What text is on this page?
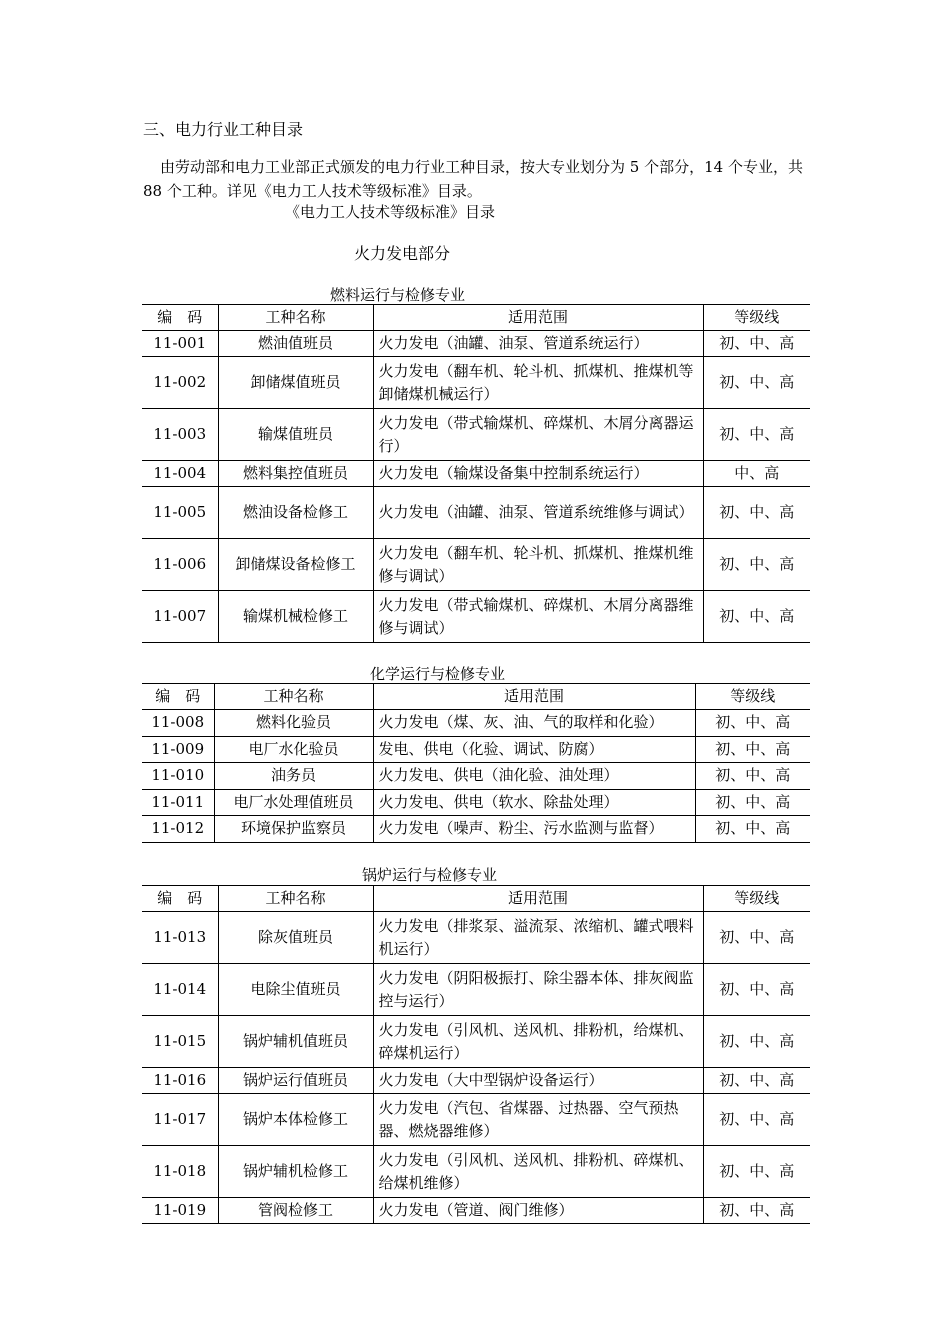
三、电力行业工种目录
由劳动部和电力工业部正式颁发的电力行业工种目录，按大专业划分为 5 个部分，14 个专业，共 88 个工种。详见《电力工人技术等级标准》目录。
《电力工人技术等级标准》目录
火力发电部分
燃料运行与检修专业
编　码	工种名称	适用范围	等级线
11-001	燃油值班员	火力发电（油罐、油泵、管道系统运行）	初、中、高
11-002	卸储煤值班员	火力发电（翻车机、轮斗机、抓煤机、推煤机等卸储煤机械运行）	初、中、高
11-003	输煤值班员	火力发电（带式输煤机、碎煤机、木屑分离器运行）	初、中、高
11-004	燃料集控值班员	火力发电（输煤设备集中控制系统运行）	中、高
11-005	燃油设备检修工	火力发电（油罐、油泵、管道系统维修与调试）	初、中、高
11-006	卸储煤设备检修工	火力发电（翻车机、轮斗机、抓煤机、推煤机维修与调试）	初、中、高
11-007	输煤机械检修工	火力发电（带式输煤机、碎煤机、木屑分离器维修与调试）	初、中、高
化学运行与检修专业
编　码	工种名称	适用范围	等级线
11-008	燃料化验员	火力发电（煤、灰、油、气的取样和化验）	初、中、高
11-009	电厂水化验员	发电、供电（化验、调试、防腐）	初、中、高
11-010	油务员	火力发电、供电（油化验、油处理）	初、中、高
11-011	电厂水处理值班员	火力发电、供电（软水、除盐处理）	初、中、高
11-012	环境保护监察员	火力发电（噪声、粉尘、污水监测与监督）	初、中、高
锅炉运行与检修专业
编　码	工种名称	适用范围	等级线
11-013	除灰值班员	火力发电（排浆泵、溢流泵、浓缩机、罐式喂料机运行）	初、中、高
11-014	电除尘值班员	火力发电（阴阳极振打、除尘器本体、排灰阀监控与运行）	初、中、高
11-015	锅炉辅机值班员	火力发电（引风机、送风机、排粉机，给煤机、碎煤机运行）	初、中、高
11-016	锅炉运行值班员	火力发电（大中型锅炉设备运行）	初、中、高
11-017	锅炉本体检修工	火力发电（汽包、省煤器、过热器、空气预热器、燃烧器维修）	初、中、高
11-018	锅炉辅机检修工	火力发电（引风机、送风机、排粉机、碎煤机、给煤机维修）	初、中、高
11-019	管阀检修工	火力发电（管道、阀门维修）	初、中、高
